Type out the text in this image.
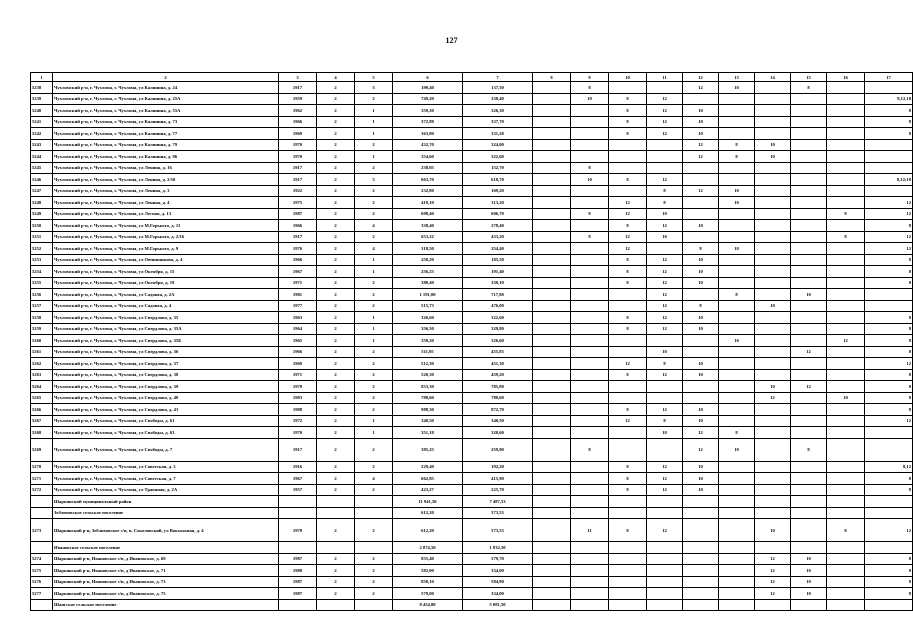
127
1	2	3	4	5	6	7	8	9	10	11	12	13	14	15	16	17
5238	Чухломский р-н, г. Чухлома, г. Чухлома, ул Калинина, д. 24	1917	2	3	190,40	137,50		8			12	10		8		
5239	Чухломский р-н, г. Чухлома, г. Чухлома, ул Калинина, д. 25А	1959	2	2	749,20	338,40		10	8	12						8,12,10
5240	Чухломский р-н, г. Чухлома, г. Чухлома, ул Калинина, д. 55А	1962	2	1	359,20	326,30			8	12	10					8
5241	Чухломский р-н, г. Чухлома, г. Чухлома, ул Калинина, д. 73	1966	2	1	372,88	337,70			8	12	10					8
5242	Чухломский р-н, г. Чухлома, г. Чухлома, ул Калинина, д. 77	1969	2	1	363,80	331,20			8	12	10					8
5243	Чухломский р-н, г. Чухлома, г. Чухлома, ул Калинина, д. 79	1970	2	2	432,70	324,00					12	8	10			
5244	Чухломский р-н, г. Чухлома, г. Чухлома, ул Калинина, д. 96	1970	2	1	354,60	322,60					12	8	10			
5245	Чухломский р-н, г. Чухлома, г. Чухлома, ул Ленина, д. 16	1917	2	2	238,05	152,70		8								
5246	Чухломский р-н, г. Чухлома, г. Чухлома, ул Ленина, д. 2/10	1917	2	3	663,70	618,70		10	8	12						8,12;10
5247	Чухломский р-н, г. Чухлома, г. Чухлома, ул Ленина, д. 3	1922	2	2	232,80	169,20				8	12	10				
5248	Чухломский р-н, г. Чухлома, г. Чухлома, ул Ленина, д. 4	1975	2	2	419,10	313,20			12	8		10				12
5249	Чухломский р-н, г. Чухлома, г. Чухлома, ул Лесная, д. 13	1987	2	2	698,40	606,70		8	12	10					8	12
5250	Чухломский р-н, г. Чухлома, г. Чухлома, ул М.Горького, д. 11	1966	2	4	338,40	278,40			8	12	10					8
5251	Чухломский р-н, г. Чухлома, г. Чухлома, ул М.Горького, д. 2/16	1917	2	2	653,22	433,20		8	12	10					8	12
5252	Чухломский р-н, г. Чухлома, г. Чухлома, ул М.Горького, д. 9	1976	2	4	318,50	254,40			12		8	10				12
5253	Чухломский р-н, г. Чухлома, г. Чухлома, ул Овчинникова, д. 4	1966	2	1	258,20	185,50			8	12	10					8
5254	Чухломский р-н, г. Чухлома, г. Чухлома, ул Октября, д. 15	1967	2	1	256,23	191,40			8	12	10					8
5255	Чухломский р-н, г. Чухлома, г. Чухлома, ул Октября, д. 19	1971	2	2	380,40	330,10			8	12	10					8
5256	Чухломский р-н, г. Чухлома, г. Чухлома, ул Садовая, д. 2А	1981	2	2	1 191,00	717,80				12		8		10		
5257	Чухломский р-н, г. Чухлома, г. Чухлома, ул Садовая, д. 4	1977	2	2	515,73	476,00				12	8		10			
5258	Чухломский р-н, г. Чухлома, г. Чухлома, ул Свердлова, д. 35	1963	2	1	326,60	322,60			8	12	10					8
5259	Чухломский р-н, г. Чухлома, г. Чухлома, ул Свердлова, д. 35А	1964	2	1	356,50	329,80			8	12	10					8
5260	Чухломский р-н, г. Чухлома, г. Чухлома, ул Свердлова, д. 35Б	1965	2	1	359,20	326,60						10			12	8
5261	Чухломский р-н, г. Чухлома, г. Чухлома, ул Свердлова, д. 36	1966	2	2	511,05	455,83				10				12		8
5262	Чухломский р-н, г. Чухлома, г. Чухлома, ул Свердлова, д. 37	1969	2	2	512,30	451,30			12	8	10					12
5263	Чухломский р-н, г. Чухлома, г. Чухлома, ул Свердлова, д. 38	1971	2	2	520,30	459,20			8	12	10					8
5264	Чухломский р-н, г. Чухлома, г. Чухлома, ул Свердлова, д. 39	1978	2	2	853,30	785,80							10	12		8
5265	Чухломский р-н, г. Чухлома, г. Чухлома, ул Свердлова, д. 40	1983	2	2	788,60	780,60							12		10	8
5266	Чухломский р-н, г. Чухлома, г. Чухлома, ул Свердлова, д. 41	1988	2	2	988,30	872,70			8	12	10					8
5267	Чухломский р-н, г. Чухлома, г. Чухлома, ул Свободы, д. 61	1972	2	1	340,50	340,50			12	8	10					12
5268	Чухломский р-н, г. Чухлома, г. Чухлома, ул Свободы, д. 63	1970	2	1	351,18	320,60				10	12	8				
5269	Чухломский р-н, г. Чухлома, г. Чухлома, ул Свободы, д. 7	1917	2	2	385,25	259,90		8			12	10		8		
5270	Чухломский р-н, г. Чухлома, г. Чухлома, ул Советская, д. 3	1916	2	2	229,40	192,20			8	12	10					8,12
5271	Чухломский р-н, г. Чухлома, г. Чухлома, ул Советская, д. 7	1967	2	4	662,85	415,90			8	12	10					8
5272	Чухломский р-н, г. Чухлома, г. Чухлома, ул Травяная, д. 2А	1957	2	2	423,27	225,70			8	12	10					8
	Шарьинский муниципальный район				11 941,50	7 487,53										
	Зеблиховское сельское поселение				612,20	573,53										
5273	Шарьинский р-н, Зеблиховское с/п, п. Соколовский, ул Вокзальная, д. 4	1978	2	2	612,20	573,53		11	8	12			10		8	12
	Ивановское сельское поселение				2 874,50	1 832,50										
5274	Шарьинский р-н, Ивановское с/п, д Ивановское, д. 69	1987	2	2	855,40	579,70							12	10		8
5275	Шарьинский р-н, Ивановское с/п, д Ивановское, д. 71	1988	2	2	582,00	334,00							12	10		8
5276	Шарьинский р-н, Ивановское с/п, д Ивановское, д. 73	1987	2	2	858,10	584,80							12	10		8
5277	Шарьинский р-н, Ивановское с/п, д Ивановское, д. 75	1987	2	2	579,00	334,00							12	10		8
	Шангское сельское поселение				8 454,80	5 081,50										
